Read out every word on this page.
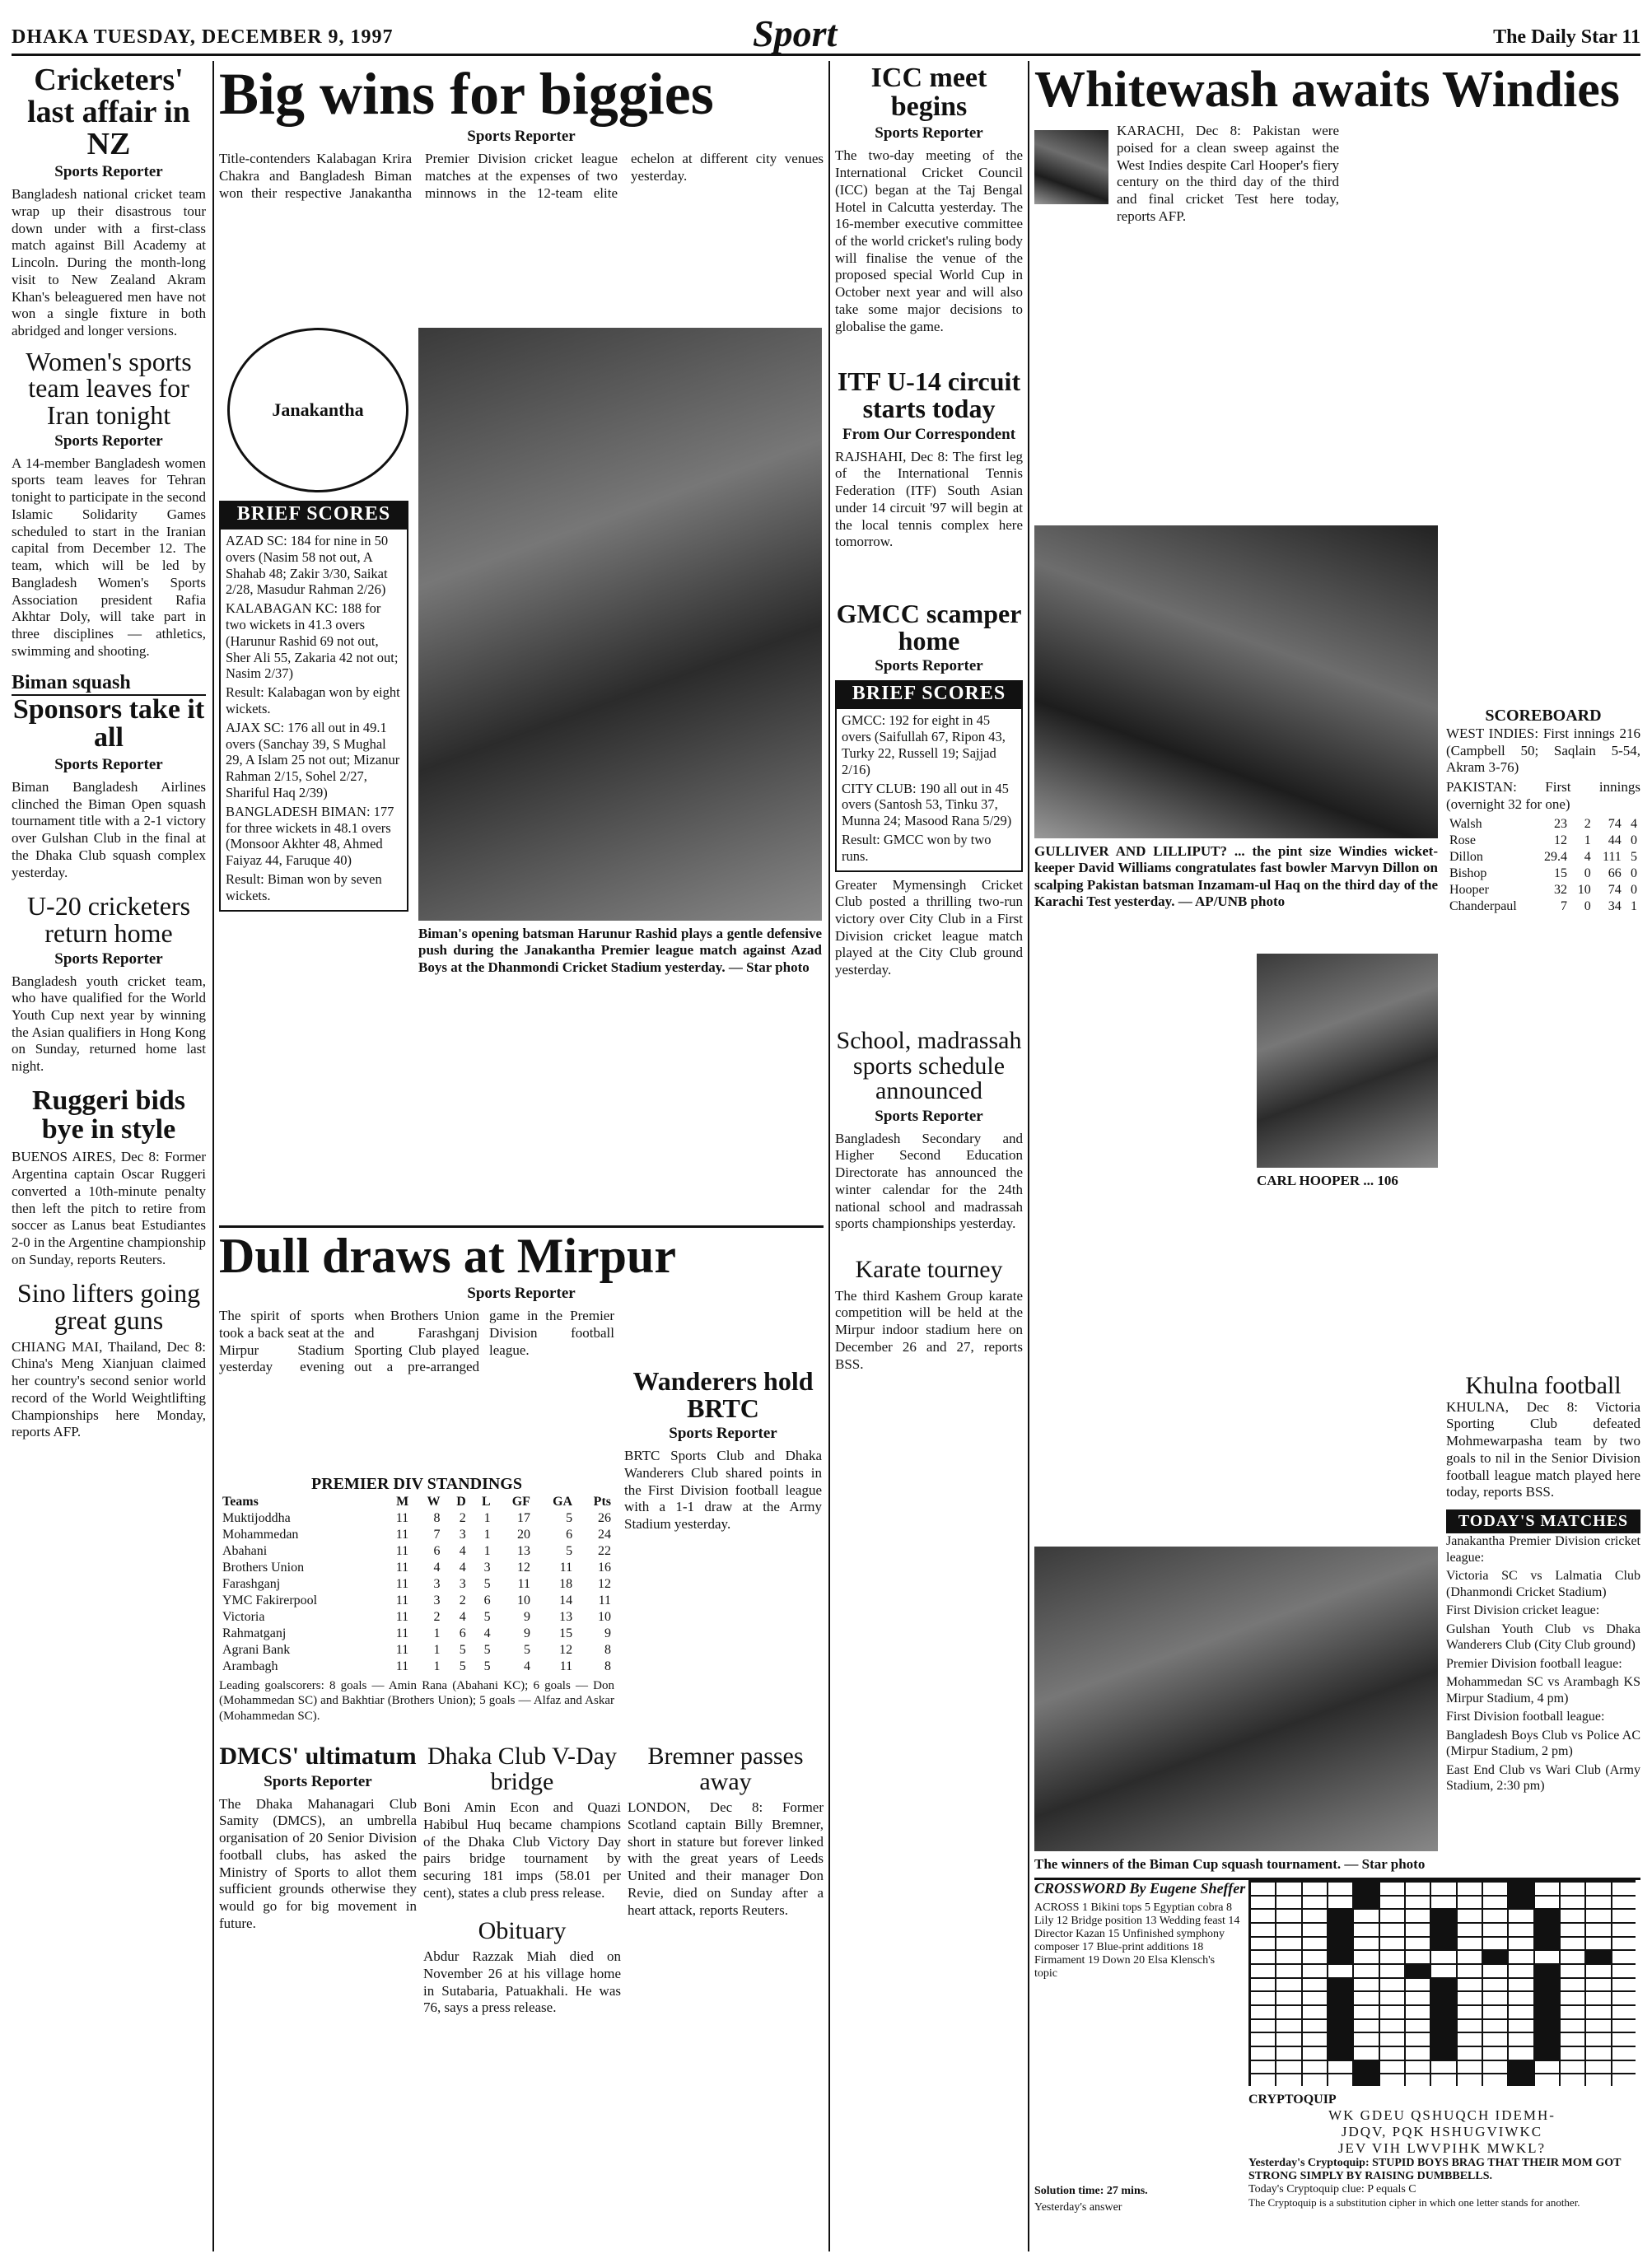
DHAKA TUESDAY, DECEMBER 9, 1997	Sport	The Daily Star 11
Cricketers' last affair in NZ
Sports Reporter
Bangladesh national cricket team wrap up their disastrous tour down under with a first-class match against Bill Academy at Lincoln. During the month-long visit to New Zealand Akram Khan's beleaguered men have not won a single fixture in both abridged and longer versions.
Women's sports team leaves for Iran tonight
Sports Reporter
A 14-member Bangladesh women sports team leaves for Tehran tonight to participate in the second Islamic Solidarity Games scheduled to start in the Iranian capital from December 12. The team, which will be led by Bangladesh Women's Sports Association president Rafia Akhtar Doly, will take part in three disciplines — athletics, swimming and shooting.
Biman squash
Sponsors take it all
Sports Reporter
Biman Bangladesh Airlines clinched the Biman Open squash tournament title with a 2-1 victory over Gulshan Club in the final at the Dhaka Club squash complex yesterday.
U-20 cricketers return home
Sports Reporter
Bangladesh youth cricket team, who have qualified for the World Youth Cup next year by winning the Asian qualifiers in Hong Kong on Sunday, returned home last night.
Ruggeri bids bye in style
BUENOS AIRES, Dec 8: Former Argentina captain Oscar Ruggeri converted a 10th-minute penalty then left the pitch to retire from soccer as Lanus beat Estudiantes 2-0 in the Argentine championship on Sunday, reports Reuters.
Sino lifters going great guns
CHIANG MAI, Thailand, Dec 8: China's Meng Xianjuan claimed her country's second senior world record of the World Weightlifting Championships here Monday, reports AFP.
Big wins for biggies
Sports Reporter
Title-contenders Kalabagan Krira Chakra and Bangladesh Biman won their respective Janakantha Premier Division cricket league matches at the expenses of two minnows in the 12-team elite echelon at different city venues yesterday.
Janakantha
BRIEF SCORES
AZAD SC: 184 for nine in 50 overs (Nasim 58 not out, A Shahab 48; Zakir 3/30, Saikat 2/28, Masudur Rahman 2/26)
KALABAGAN KC: 188 for two wickets in 41.3 overs (Harunur Rashid 69 not out, Sher Ali 55, Zakaria 42 not out; Nasim 2/37)
Result: Kalabagan won by eight wickets.
AJAX SC: 176 all out in 49.1 overs (Sanchay 39, S Mughal 29, A Islam 25 not out; Mizanur Rahman 2/15, Sohel 2/27, Shariful Haq 2/39)
BANGLADESH BIMAN: 177 for three wickets in 48.1 overs (Monsoor Akhter 48, Ahmed Faiyaz 44, Faruque 40)
Result: Biman won by seven wickets.
Biman's opening batsman Harunur Rashid plays a gentle defensive push during the Janakantha Premier league match against Azad Boys at the Dhanmondi Cricket Stadium yesterday. — Star photo
ICC meet begins
Sports Reporter
The two-day meeting of the International Cricket Council (ICC) began at the Taj Bengal Hotel in Calcutta yesterday. The 16-member executive committee of the world cricket's ruling body will finalise the venue of the proposed special World Cup in October next year and will also take some major decisions to globalise the game.
ITF U-14 circuit starts today
From Our Correspondent
RAJSHAHI, Dec 8: The first leg of the International Tennis Federation (ITF) South Asian under 14 circuit '97 will begin at the local tennis complex here tomorrow.
GMCC scamper home
Sports Reporter
BRIEF SCORES
GMCC: 192 for eight in 45 overs (Saifullah 67, Ripon 43, Turky 22, Russell 19; Sajjad 2/16)
CITY CLUB: 190 all out in 45 overs (Santosh 53, Tinku 37, Munna 24; Masood Rana 5/29)
Result: GMCC won by two runs.
Greater Mymensingh Cricket Club posted a thrilling two-run victory over City Club in a First Division cricket league match played at the City Club ground yesterday.
School, madrassah sports schedule announced
Sports Reporter
Bangladesh Secondary and Higher Second Education Directorate has announced the winter calendar for the 24th national school and madrassah sports championships yesterday.
Karate tourney
The third Kashem Group karate competition will be held at the Mirpur indoor stadium here on December 26 and 27, reports BSS.
Whitewash awaits Windies
KARACHI, Dec 8: Pakistan were poised for a clean sweep against the West Indies despite Carl Hooper's fiery century on the third day of the third and final cricket Test here today, reports AFP.
GULLIVER AND LILLIPUT? ... the pint size Windies wicket-keeper David Williams congratulates fast bowler Marvyn Dillon on scalping Pakistan batsman Inzamam-ul Haq on the third day of the Karachi Test yesterday. — AP/UNB photo
CARL HOOPER ... 106
SCOREBOARD
WEST INDIES: First innings 216 (Campbell 50; Saqlain 5-54, Akram 3-76)
PAKISTAN: First innings (overnight 32 for one)
Walsh	23	2	74	4
Rose	12	1	44	0
Dillon	29.4	4	111	5
Bishop	15	0	66	0
Hooper	32	10	74	0
Chanderpaul	7	0	34	1
The winners of the Biman Cup squash tournament. — Star photo
Khulna football
KHULNA, Dec 8: Victoria Sporting Club defeated Mohmewarpasha team by two goals to nil in the Senior Division football league match played here today, reports BSS.
TODAY'S MATCHES
Janakantha Premier Division cricket league:
Victoria SC vs Lalmatia Club (Dhanmondi Cricket Stadium)
First Division cricket league:
Gulshan Youth Club vs Dhaka Wanderers Club (City Club ground)
Premier Division football league:
Mohammedan SC vs Arambagh KS Mirpur Stadium, 4 pm)
First Division football league:
Bangladesh Boys Club vs Police AC (Mirpur Stadium, 2 pm)
East End Club vs Wari Club (Army Stadium, 2:30 pm)
Dull draws at Mirpur
Sports Reporter
The spirit of sports took a back seat at the Mirpur Stadium yesterday evening when Brothers Union and Farashganj Sporting Club played out a pre-arranged game in the Premier Division football league.
PREMIER DIV STANDINGS
Teams	M	W	D	L	GF	GA	Pts
Muktijoddha	11	8	2	1	17	5	26
Mohammedan	11	7	3	1	20	6	24
Abahani	11	6	4	1	13	5	22
Brothers Union	11	4	4	3	12	11	16
Farashganj	11	3	3	5	11	18	12
YMC Fakirerpool	11	3	2	6	10	14	11
Victoria	11	2	4	5	9	13	10
Rahmatganj	11	1	6	4	9	15	9
Agrani Bank	11	1	5	5	5	12	8
Arambagh	11	1	5	5	4	11	8
Leading goalscorers: 8 goals — Amin Rana (Abahani KC); 6 goals — Don (Mohammedan SC) and Bakhtiar (Brothers Union); 5 goals — Alfaz and Askar (Mohammedan SC).
Wanderers hold BRTC
Sports Reporter
BRTC Sports Club and Dhaka Wanderers Club shared points in the First Division football league with a 1-1 draw at the Army Stadium yesterday.
DMCS' ultimatum
Sports Reporter
The Dhaka Mahanagari Club Samity (DMCS), an umbrella organisation of 20 Senior Division football clubs, has asked the Ministry of Sports to allot them sufficient grounds otherwise they would go for big movement in future.
Dhaka Club V-Day bridge
Boni Amin Econ and Quazi Habibul Huq became champions of the Dhaka Club Victory Day pairs bridge tournament by securing 181 imps (58.01 per cent), states a club press release.
Obituary
Abdur Razzak Miah died on November 26 at his village home in Sutabaria, Patuakhali. He was 76, says a press release.
Bremner passes away
LONDON, Dec 8: Former Scotland captain Billy Bremner, short in stature but forever linked with the great years of Leeds United and their manager Don Revie, died on Sunday after a heart attack, reports Reuters.
CROSSWORD By Eugene Sheffer
ACROSS 1 Bikini tops 5 Egyptian cobra 8 Lily 12 Bridge position 13 Wedding feast 14 Director Kazan 15 Unfinished symphony composer 17 Blue-print additions 18 Firmament 19 Down 20 Elsa Klensch's topic
Solution time: 27 mins.
Yesterday's answer
CRYPTOQUIP
WK GDEU QSHUQCH IDEMH-
JDQV, PQK HSHUGVIWKC
JEV VIH LWVPIHK MWKL?
Yesterday's Cryptoquip: STUPID BOYS BRAG THAT THEIR MOM GOT STRONG SIMPLY BY RAISING DUMBBELLS.
Today's Cryptoquip clue: P equals C
The Cryptoquip is a substitution cipher in which one letter stands for another.
